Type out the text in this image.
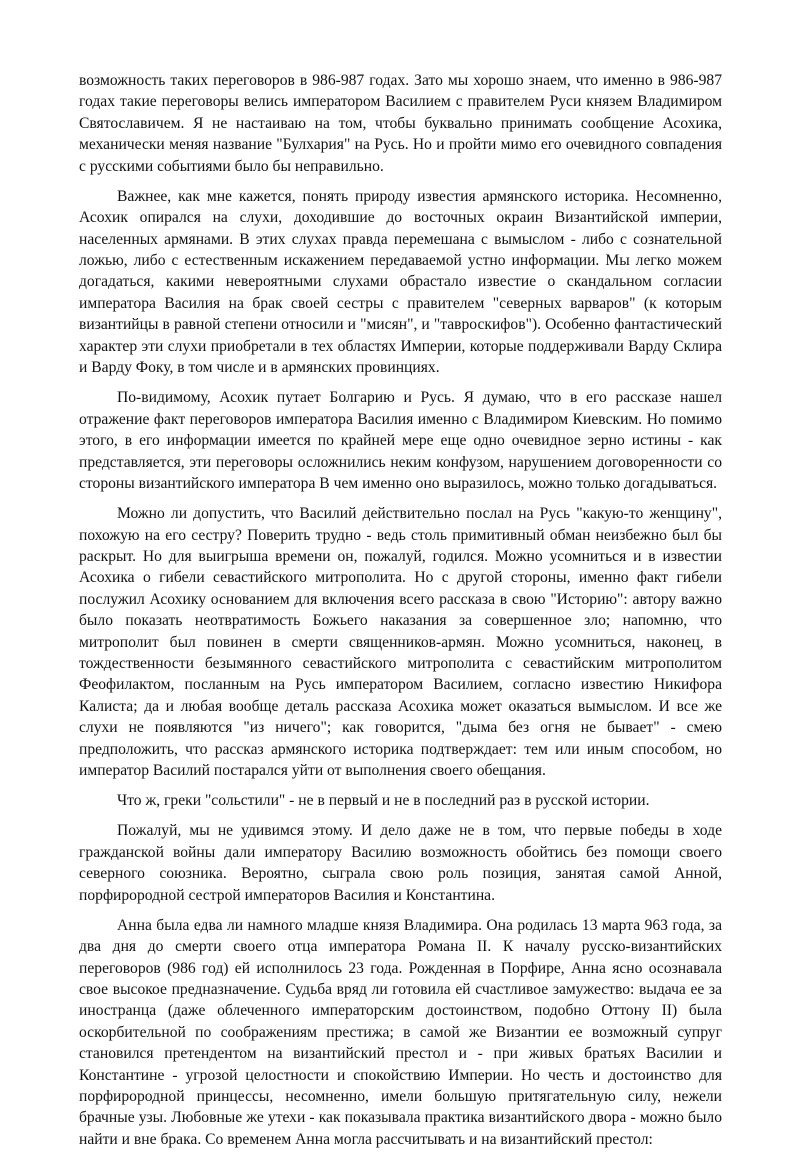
возможность таких переговоров в 986-987 годах. Зато мы хорошо знаем, что именно в 986-987 годах такие переговоры велись императором Василием с правителем Руси князем Владимиром Святославичем. Я не настаиваю на том, чтобы буквально принимать сообщение Асохика, механически меняя название "Булхария" на Русь. Но и пройти мимо его очевидного совпадения с русскими событиями было бы неправильно.

Важнее, как мне кажется, понять природу известия армянского историка. Несомненно, Асохик опирался на слухи, доходившие до восточных окраин Византийской империи, населенных армянами. В этих слухах правда перемешана с вымыслом - либо с сознательной ложью, либо с естественным искажением передаваемой устно информации. Мы легко можем догадаться, какими невероятными слухами обрастало известие о скандальном согласии императора Василия на брак своей сестры с правителем "северных варваров" (к которым византийцы в равной степени относили и "мисян", и "тавроскифов"). Особенно фантастический характер эти слухи приобретали в тех областях Империи, которые поддерживали Варду Склира и Варду Фоку, в том числе и в армянских провинциях.

По-видимому, Асохик путает Болгарию и Русь. Я думаю, что в его рассказе нашел отражение факт переговоров императора Василия именно с Владимиром Киевским. Но помимо этого, в его информации имеется по крайней мере еще одно очевидное зерно истины - как представляется, эти переговоры осложнились неким конфузом, нарушением договоренности со стороны византийского императора В чем именно оно выразилось, можно только догадываться.

Можно ли допустить, что Василий действительно послал на Русь "какую-то женщину", похожую на его сестру? Поверить трудно - ведь столь примитивный обман неизбежно был бы раскрыт. Но для выигрыша времени он, пожалуй, годился. Можно усомниться и в известии Асохика о гибели севастийского митрополита. Но с другой стороны, именно факт гибели послужил Асохику основанием для включения всего рассказа в свою "Историю": автору важно было показать неотвратимость Божьего наказания за совершенное зло; напомню, что митрополит был повинен в смерти священников-армян. Можно усомниться, наконец, в тождественности безымянного севастийского митрополита с севастийским митрополитом Феофилактом, посланным на Русь императором Василием, согласно известию Никифора Калиста; да и любая вообще деталь рассказа Асохика может оказаться вымыслом. И все же слухи не появляются "из ничего"; как говорится, "дыма без огня не бывает" - смею предположить, что рассказ армянского историка подтверждает: тем или иным способом, но император Василий постарался уйти от выполнения своего обещания.

Что ж, греки "сольстили" - не в первый и не в последний раз в русской истории.

Пожалуй, мы не удивимся этому. И дело даже не в том, что первые победы в ходе гражданской войны дали императору Василию возможность обойтись без помощи своего северного союзника. Вероятно, сыграла свою роль позиция, занятая самой Анной, порфирородной сестрой императоров Василия и Константина.

Анна была едва ли намного младше князя Владимира. Она родилась 13 марта 963 года, за два дня до смерти своего отца императора Романа II. К началу русско-византийских переговоров (986 год) ей исполнилось 23 года. Рожденная в Порфире, Анна ясно осознавала свое высокое предназначение. Судьба вряд ли готовила ей счастливое замужество: выдача ее за иностранца (даже облеченного императорским достоинством, подобно Оттону II) была оскорбительной по соображениям престижа; в самой же Византии ее возможный супруг становился претендентом на византийский престол и - при живых братьях Василии и Константине - угрозой целостности и спокойствию Империи. Но честь и достоинство для порфирородной принцессы, несомненно, имели большую притягательную силу, нежели брачные узы. Любовные же утехи - как показывала практика византийского двора - можно было найти и вне брака. Со временем Анна могла рассчитывать и на византийский престол:
